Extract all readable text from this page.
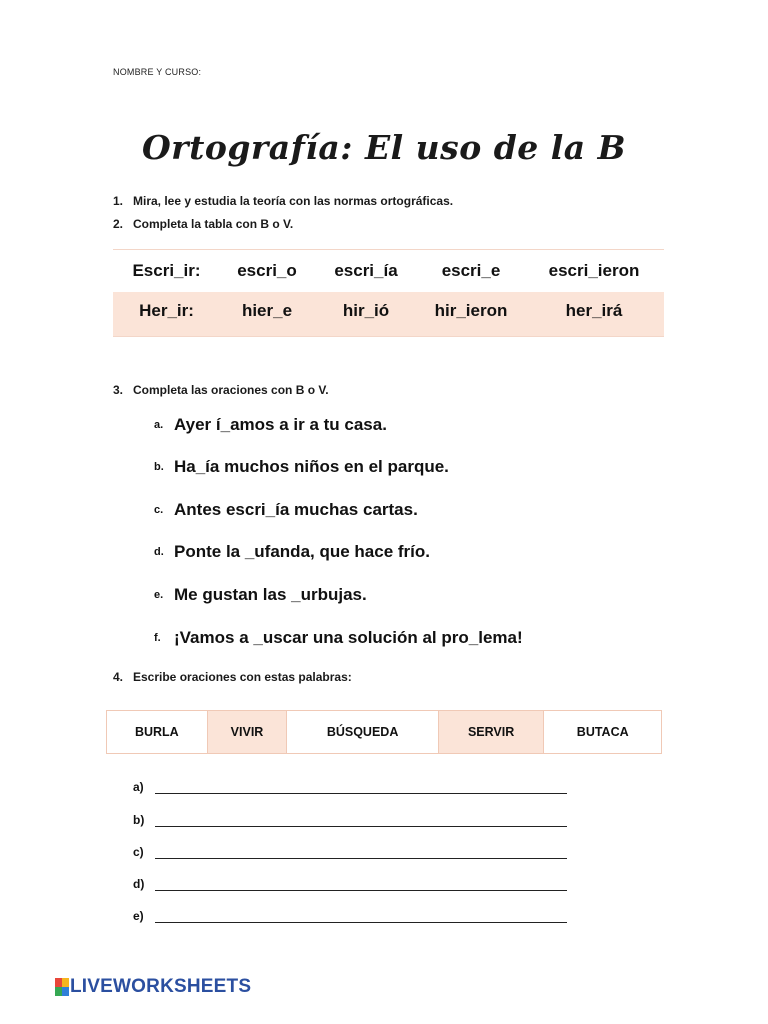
NOMBRE Y CURSO:
Ortografía: El uso de la B
1. Mira, lee y estudia la teoría con las normas ortográficas.
2. Completa la tabla con B o V.
Escri_ir:	escri_o	escri_ía	escri_e	escri_ieron
Her_ir:	hier_e	hir_ió	hir_ieron	her_irá
3. Completa las oraciones con B o V.
a. Ayer í_amos a ir a tu casa.
b. Ha_ía muchos niños en el parque.
c. Antes escri_ía muchas cartas.
d. Ponte la _ufanda, que hace frío.
e. Me gustan las _urbujas.
f. ¡Vamos a _uscar una solución al pro_lema!
4. Escribe oraciones con estas palabras:
BURLA	VIVIR	BÚSQUEDA	SERVIR	BUTACA
a)
b)
c)
d)
e)
LIVEWORKSHEETS
